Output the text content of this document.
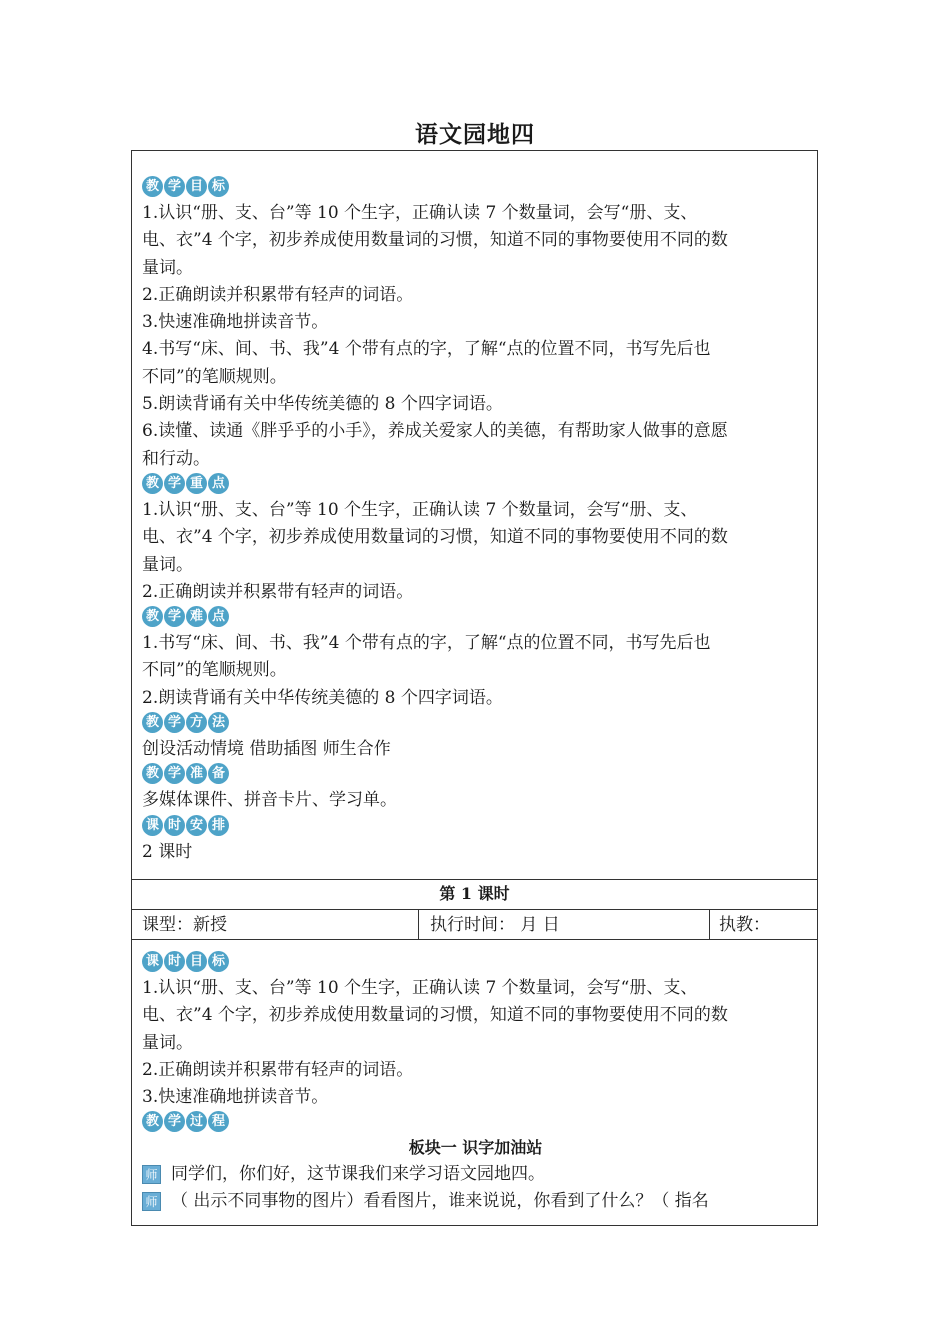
语文园地四
教 学 目 标

1.认识“册、支、台”等 10 个生字，正确认读 7 个数量词，会写“册、支、

电、衣”4 个字，初步养成使用数量词的习惯，知道不同的事物要使用不同的数

量词。

2.正确朗读并积累带有轻声的词语。

3.快速准确地拼读音节。

4.书写“床、间、书、我”4 个带有点的字，了解“点的位置不同，书写先后也

不同”的笔顺规则。

5.朗读背诵有关中华传统美德的 8 个四字词语。

6.读懂、读通《胖乎乎的小手》，养成关爱家人的美德，有帮助家人做事的意愿

和行动。

教 学 重 点

1.认识“册、支、台”等 10 个生字，正确认读 7 个数量词，会写“册、支、

电、衣”4 个字，初步养成使用数量词的习惯，知道不同的事物要使用不同的数

量词。

2.正确朗读并积累带有轻声的词语。

教 学 难 点

1.书写“床、间、书、我”4 个带有点的字，了解“点的位置不同，书写先后也

不同”的笔顺规则。

2.朗读背诵有关中华传统美德的 8 个四字词语。

教 学 方 法

创设活动情境 借助插图 师生合作

教 学 准 备

多媒体课件、拼音卡片、学习单。

课 时 安 排

2 课时

第 1 课时
课型：新授	执行时间： 月 日	执教：
课 时 目 标

1.认识“册、支、台”等 10 个生字，正确认读 7 个数量词，会写“册、支、

电、衣”4 个字，初步养成使用数量词的习惯，知道不同的事物要使用不同的数

量词。

2.正确朗读并积累带有轻声的词语。

3.快速准确地拼读音节。

教 学 过 程
板块一 识字加油站
师 同学们，你们好，这节课我们来学习语文园地四。
师 （ 出示不同事物的图片）看看图片，谁来说说，你看到了什么？（ 指名
